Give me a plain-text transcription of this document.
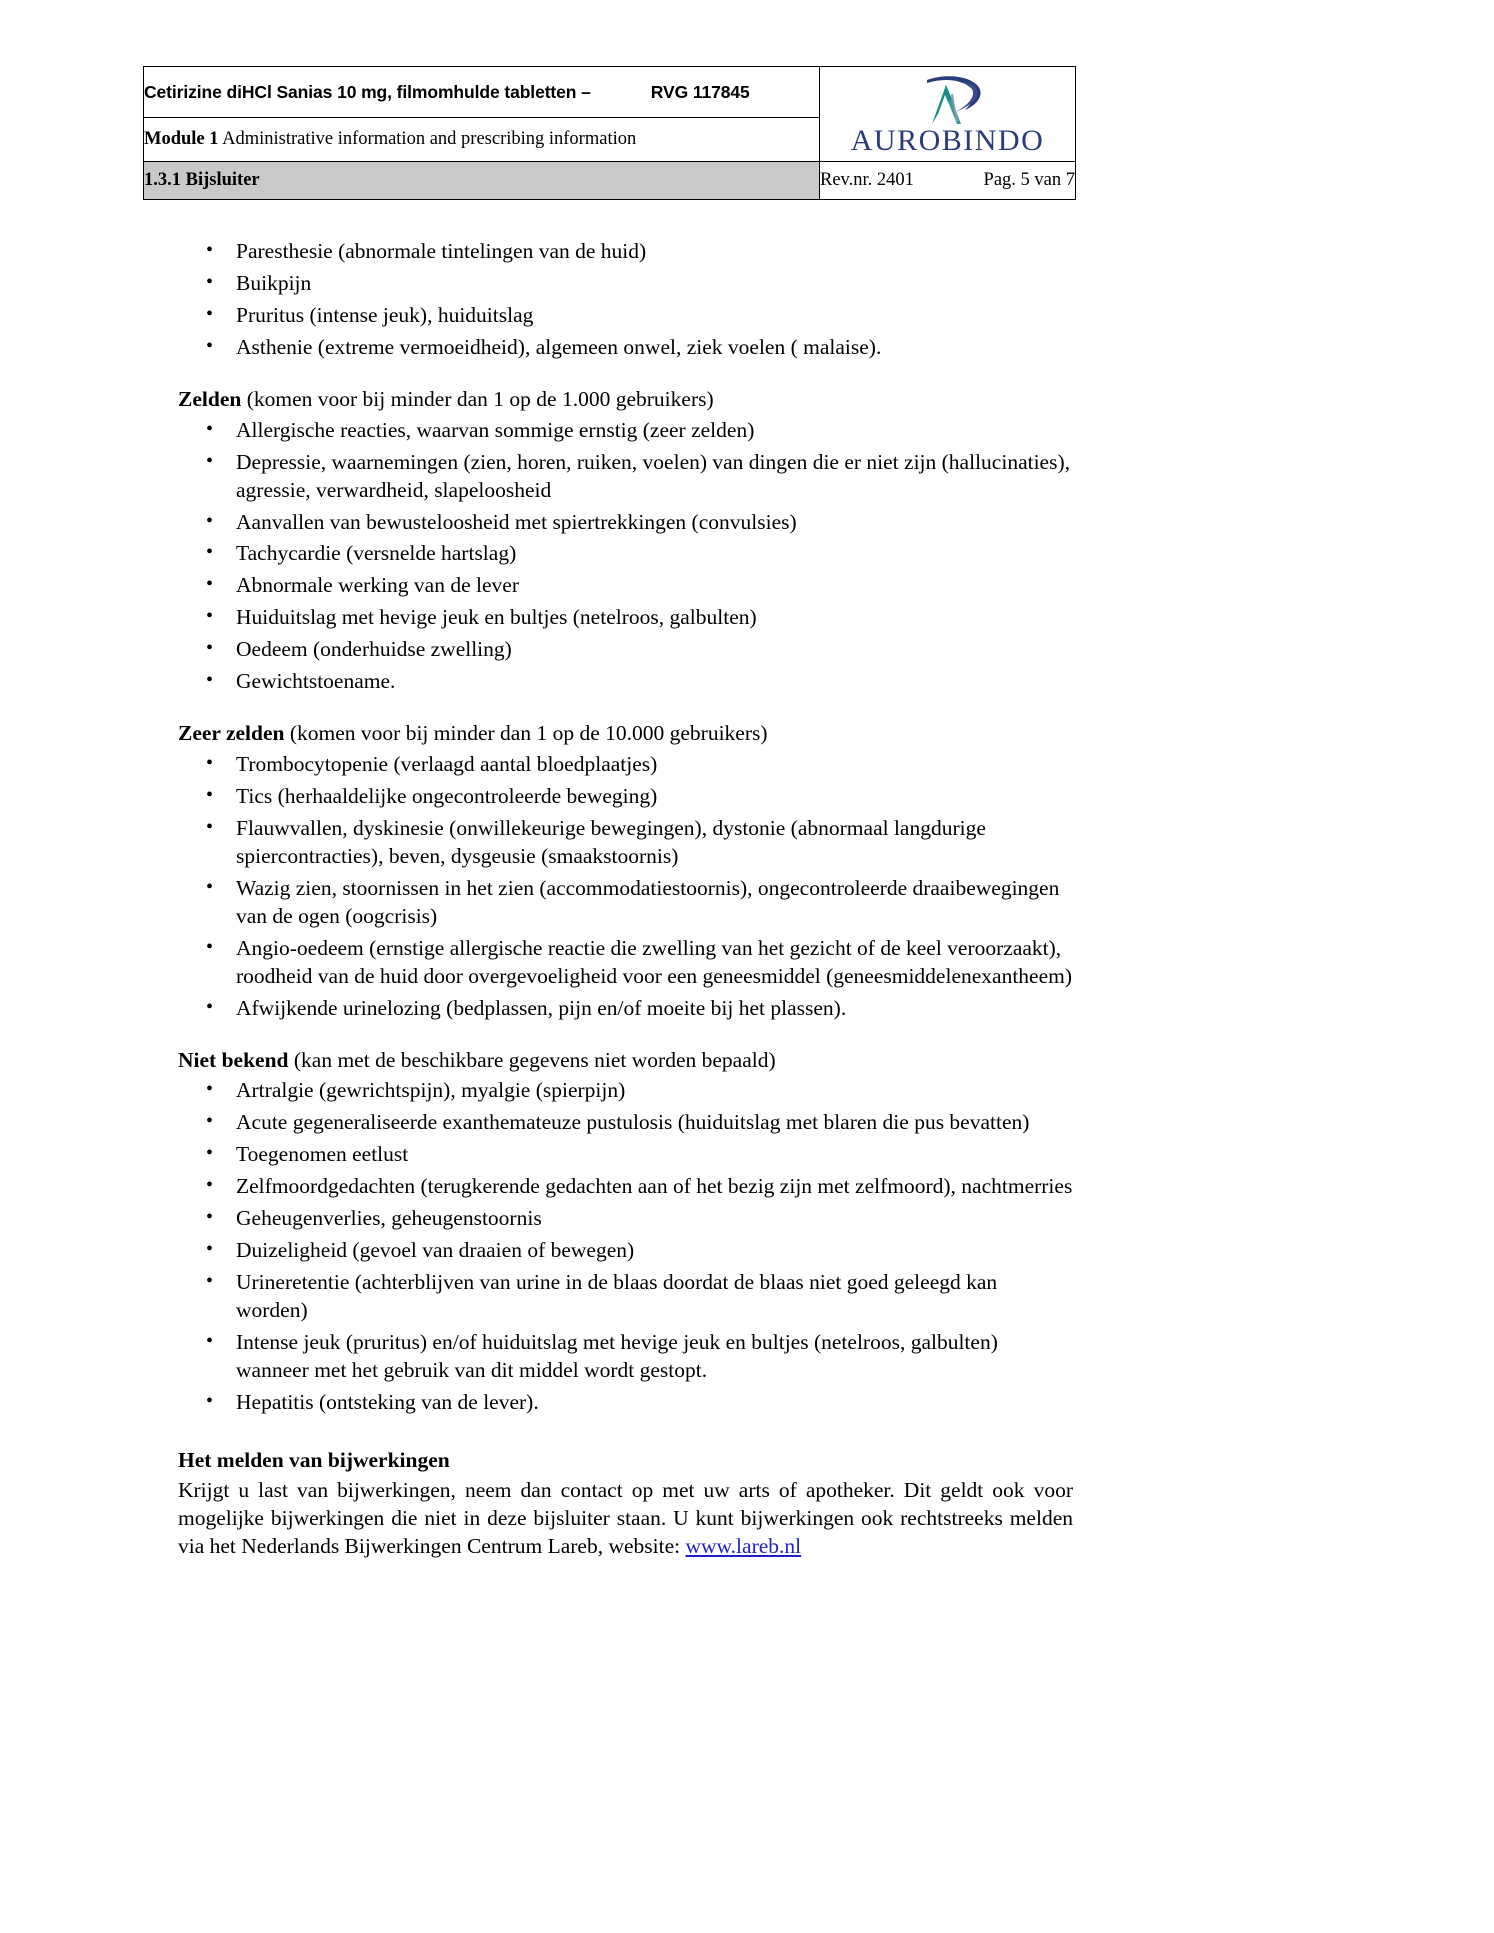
Cetirizine diHCl Sanias 10 mg, filmomhulde tabletten – RVG 117845	AUROBINDO

Module 1 Administrative information and prescribing information	

1.3.1 Bijsluiter	Rev.nr. 2401 Pag. 5 van 7
• Paresthesie (abnormale tintelingen van de huid)
• Buikpijn
• Pruritus (intense jeuk), huiduitslag
• Asthenie (extreme vermoeidheid), algemeen onwel, ziek voelen ( malaise).

Zelden (komen voor bij minder dan 1 op de 1.000 gebruikers)

• Allergische reacties, waarvan sommige ernstig (zeer zelden)
• Depressie, waarnemingen (zien, horen, ruiken, voelen) van dingen die er niet zijn (hallucinaties), agressie, verwardheid, slapeloosheid
• Aanvallen van bewusteloosheid met spiertrekkingen (convulsies)
• Tachycardie (versnelde hartslag)
• Abnormale werking van de lever
• Huiduitslag met hevige jeuk en bultjes (netelroos, galbulten)
• Oedeem (onderhuidse zwelling)
• Gewichtstoename.

Zeer zelden (komen voor bij minder dan 1 op de 10.000 gebruikers)

• Trombocytopenie (verlaagd aantal bloedplaatjes)
• Tics (herhaaldelijke ongecontroleerde beweging)
• Flauwvallen, dyskinesie (onwillekeurige bewegingen), dystonie (abnormaal langdurige spiercontracties), beven, dysgeusie (smaakstoornis)
• Wazig zien, stoornissen in het zien (accommodatiestoornis), ongecontroleerde draaibewegingen van de ogen (oogcrisis)
• Angio-oedeem (ernstige allergische reactie die zwelling van het gezicht of de keel veroorzaakt), roodheid van de huid door overgevoeligheid voor een geneesmiddel (geneesmiddelenexantheem)
• Afwijkende urinelozing (bedplassen, pijn en/of moeite bij het plassen).

Niet bekend (kan met de beschikbare gegevens niet worden bepaald)

• Artralgie (gewrichtspijn), myalgie (spierpijn)
• Acute gegeneraliseerde exanthemateuze pustulosis (huiduitslag met blaren die pus bevatten)
• Toegenomen eetlust
• Zelfmoordgedachten (terugkerende gedachten aan of het bezig zijn met zelfmoord), nachtmerries
• Geheugenverlies, geheugenstoornis
• Duizeligheid (gevoel van draaien of bewegen)
• Urineretentie (achterblijven van urine in de blaas doordat de blaas niet goed geleegd kan worden)
• Intense jeuk (pruritus) en/of huiduitslag met hevige jeuk en bultjes (netelroos, galbulten) wanneer met het gebruik van dit middel wordt gestopt.
• Hepatitis (ontsteking van de lever).

Het melden van bijwerkingen

Krijgt u last van bijwerkingen, neem dan contact op met uw arts of apotheker. Dit geldt ook voor mogelijke bijwerkingen die niet in deze bijsluiter staan. U kunt bijwerkingen ook rechtstreeks melden via het Nederlands Bijwerkingen Centrum Lareb, website: www.lareb.nl
